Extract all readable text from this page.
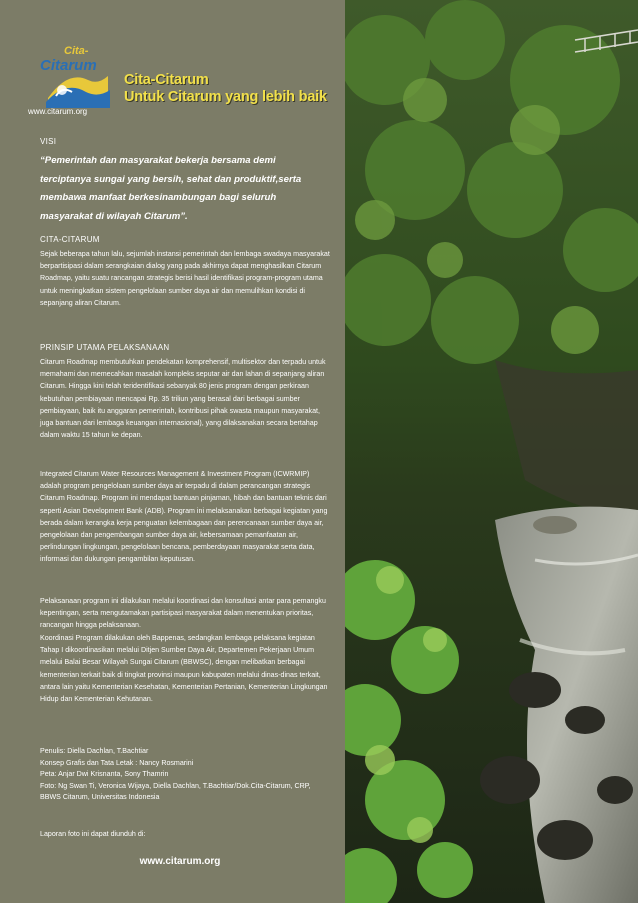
Cita-
Citarum
www.citarum.org
Cita-Citarum
Untuk Citarum yang lebih baik
VISI
“Pemerintah dan masyarakat bekerja bersama demi terciptanya sungai yang bersih, sehat dan produktif,serta membawa manfaat berkesinambungan bagi seluruh masyarakat di wilayah Citarum”.
CITA-CITARUM

Sejak beberapa tahun lalu, sejumlah instansi pemerintah dan lembaga swadaya masyarakat berpartisipasi dalam serangkaian dialog yang pada akhirnya dapat menghasilkan Citarum Roadmap, yaitu suatu rancangan strategis berisi hasil identifikasi program-program utama untuk meningkatkan sistem pengelolaan sumber daya air dan memulihkan kondisi di sepanjang aliran Citarum.

PRINSIP UTAMA PELAKSANAAN

Citarum Roadmap membutuhkan pendekatan komprehensif, multisektor dan terpadu untuk memahami dan memecahkan masalah kompleks seputar air dan lahan di sepanjang aliran Citarum. Hingga kini telah teridentifikasi sebanyak 80 jenis program dengan perkiraan kebutuhan pembiayaan mencapai Rp. 35 triliun yang berasal dari berbagai sumber pembiayaan, baik itu anggaran pemerintah, kontribusi pihak swasta maupun masyarakat, juga bantuan dari lembaga keuangan internasional), yang dilaksanakan secara bertahap dalam waktu 15 tahun ke depan.

Integrated Citarum Water Resources Management & Investment Program (ICWRMIP) adalah program pengelolaan sumber daya air terpadu di dalam perancangan strategis Citarum Roadmap. Program ini mendapat bantuan pinjaman, hibah dan bantuan teknis dari seperti Asian Development Bank (ADB). Program ini melaksanakan berbagai kegiatan yang berada dalam kerangka kerja penguatan kelembagaan dan perencanaan sumber daya air, pengelolaan dan pengembangan sumber daya air, kebersamaan pemanfaatan air, perlindungan lingkungan, pengelolaan bencana, pemberdayaan masyarakat serta data, informasi dan dukungan pengambilan keputusan.

Pelaksanaan program ini dilakukan melalui koordinasi dan konsultasi antar para pemangku kepentingan, serta mengutamakan partisipasi masyarakat dalam menentukan prioritas, rancangan hingga pelaksanaan.

Koordinasi Program dilakukan oleh Bappenas, sedangkan lembaga pelaksana kegiatan Tahap I dikoordinasikan melalui Ditjen Sumber Daya Air, Departemen Pekerjaan Umum melalui Balai Besar Wilayah Sungai Citarum (BBWSC), dengan melibatkan berbagai kementerian terkait baik di tingkat provinsi maupun kabupaten melalui dinas-dinas terkait, antara lain yaitu Kementerian Kesehatan, Kementerian Pertanian, Kementerian Lingkungan Hidup dan Kementerian Kehutanan.

Penulis: Diella Dachlan, T.Bachtiar
Konsep Grafis dan Tata Letak : Nancy Rosmarini
Peta: Anjar Dwi Krisnanta, Sony Thamrin
Foto: Ng Swan Ti, Veronica Wijaya, Diella Dachlan, T.Bachtiar/Dok.Cita-Citarum, CRP, BBWS Citarum, Universitas Indonesia
Laporan foto ini dapat diunduh di:
www.citarum.org
